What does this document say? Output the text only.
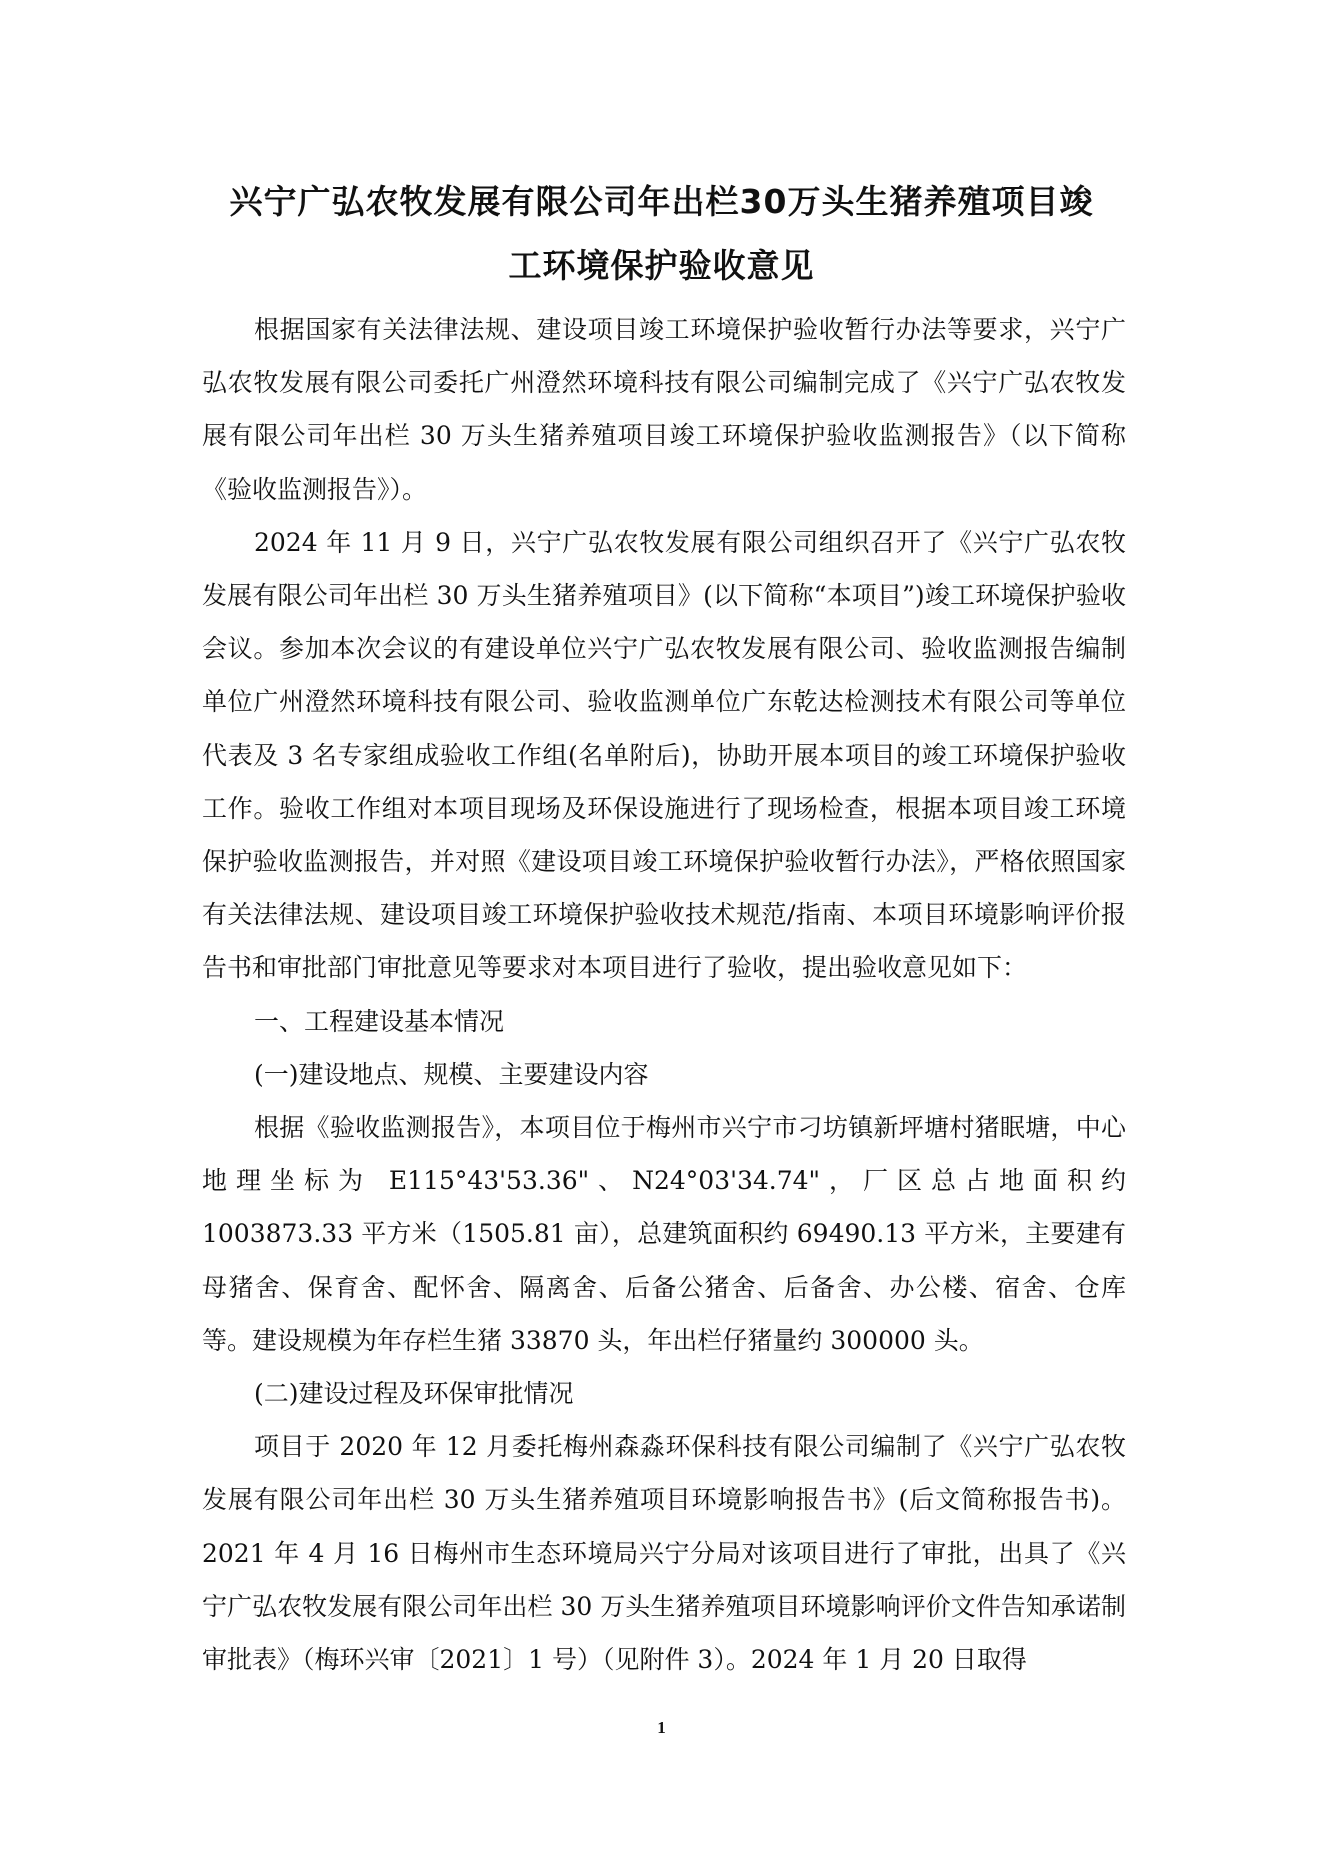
兴宁广弘农牧发展有限公司年出栏30万头生猪养殖项目竣
工环境保护验收意见

根据国家有关法律法规、建设项目竣工环境保护验收暂行办法等要求，兴宁广弘农牧发展有限公司委托广州澄然环境科技有限公司编制完成了《兴宁广弘农牧发展有限公司年出栏 30 万头生猪养殖项目竣工环境保护验收监测报告》（以下简称《验收监测报告》）。

2024 年 11 月 9 日，兴宁广弘农牧发展有限公司组织召开了《兴宁广弘农牧发展有限公司年出栏 30 万头生猪养殖项目》(以下简称“本项目”)竣工环境保护验收会议。参加本次会议的有建设单位兴宁广弘农牧发展有限公司、验收监测报告编制单位广州澄然环境科技有限公司、验收监测单位广东乾达检测技术有限公司等单位代表及 3 名专家组成验收工作组(名单附后)，协助开展本项目的竣工环境保护验收工作。验收工作组对本项目现场及环保设施进行了现场检查，根据本项目竣工环境保护验收监测报告，并对照《建设项目竣工环境保护验收暂行办法》，严格依照国家有关法律法规、建设项目竣工环境保护验收技术规范/指南、本项目环境影响评价报告书和审批部门审批意见等要求对本项目进行了验收，提出验收意见如下：

一、工程建设基本情况

(一)建设地点、规模、主要建设内容

根据《验收监测报告》，本项目位于梅州市兴宁市刁坊镇新坪塘村猪眠塘，中心地理坐标为 E115°43'53.36"、N24°03'34.74"，厂区总占地面积约 1003873.33 平方米（1505.81 亩），总建筑面积约 69490.13 平方米，主要建有母猪舍、保育舍、配怀舍、隔离舍、后备公猪舍、后备舍、办公楼、宿舍、仓库等。建设规模为年存栏生猪 33870 头，年出栏仔猪量约 300000 头。

(二)建设过程及环保审批情况

项目于 2020 年 12 月委托梅州森淼环保科技有限公司编制了《兴宁广弘农牧发展有限公司年出栏 30 万头生猪养殖项目环境影响报告书》(后文简称报告书)。2021 年 4 月 16 日梅州市生态环境局兴宁分局对该项目进行了审批，出具了《兴宁广弘农牧发展有限公司年出栏 30 万头生猪养殖项目环境影响评价文件告知承诺制审批表》（梅环兴审〔2021〕1 号）（见附件 3）。2024 年 1 月 20 日取得

1
